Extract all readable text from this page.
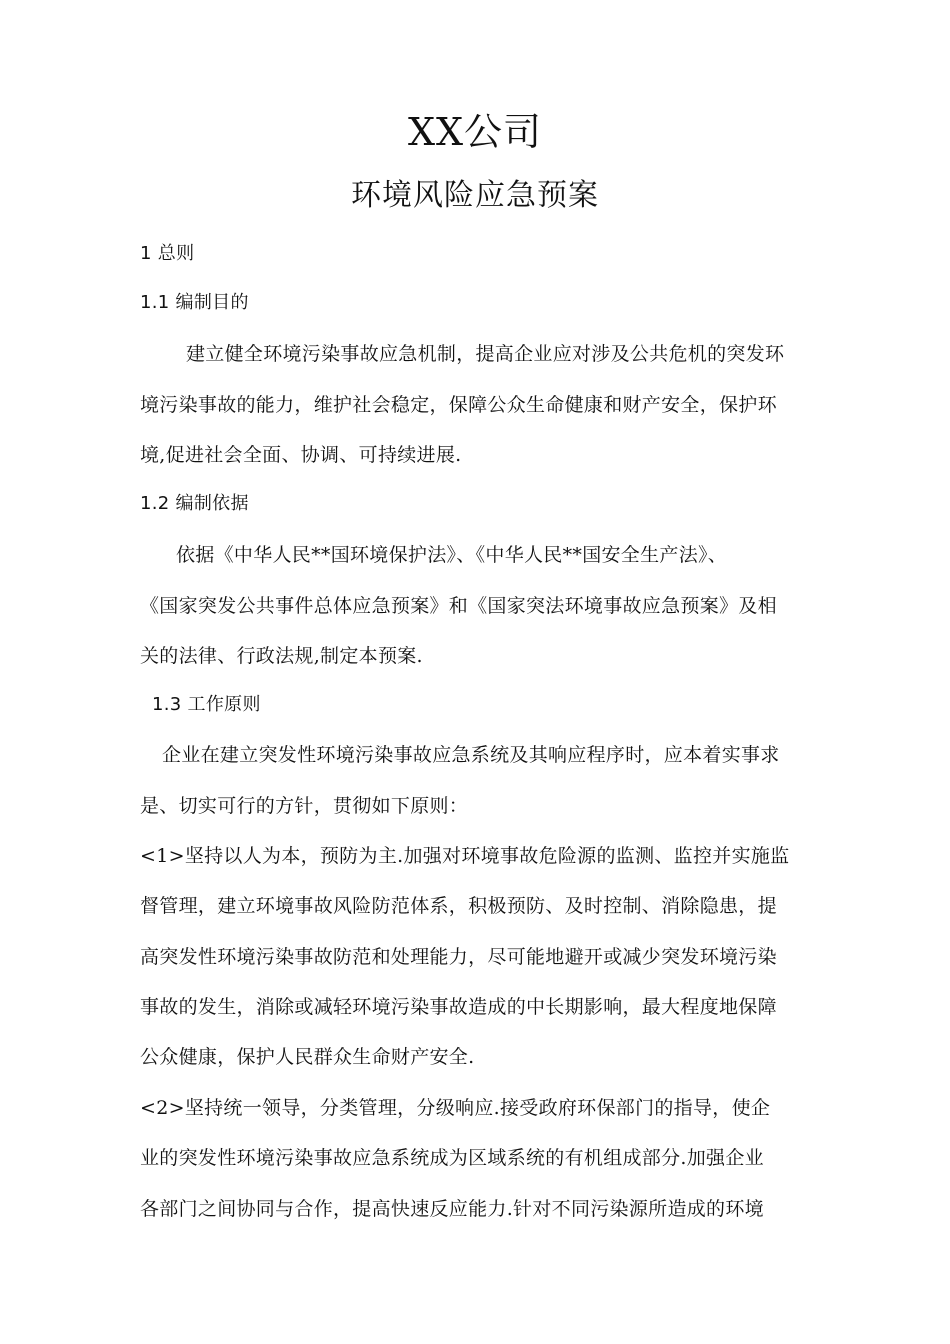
XX公司
环境风险应急预案
1 总则
1.1 编制目的
建立健全环境污染事故应急机制，提高企业应对涉及公共危机的突发环
境污染事故的能力，维护社会稳定，保障公众生命健康和财产安全，保护环
境,促进社会全面、协调、可持续进展.
1.2 编制依据
依据《中华人民**国环境保护法》、《中华人民**国安全生产法》、
《国家突发公共事件总体应急预案》和《国家突法环境事故应急预案》及相
关的法律、行政法规,制定本预案.
1.3 工作原则
企业在建立突发性环境污染事故应急系统及其响应程序时，应本着实事求
是、切实可行的方针，贯彻如下原则：
<1>坚持以人为本，预防为主.加强对环境事故危险源的监测、监控并实施监
督管理，建立环境事故风险防范体系，积极预防、及时控制、消除隐患，提
高突发性环境污染事故防范和处理能力，尽可能地避开或减少突发环境污染
事故的发生，消除或减轻环境污染事故造成的中长期影响，最大程度地保障
公众健康，保护人民群众生命财产安全.
<2>坚持统一领导，分类管理，分级响应.接受政府环保部门的指导，使企
业的突发性环境污染事故应急系统成为区域系统的有机组成部分.加强企业
各部门之间协同与合作，提高快速反应能力.针对不同污染源所造成的环境
